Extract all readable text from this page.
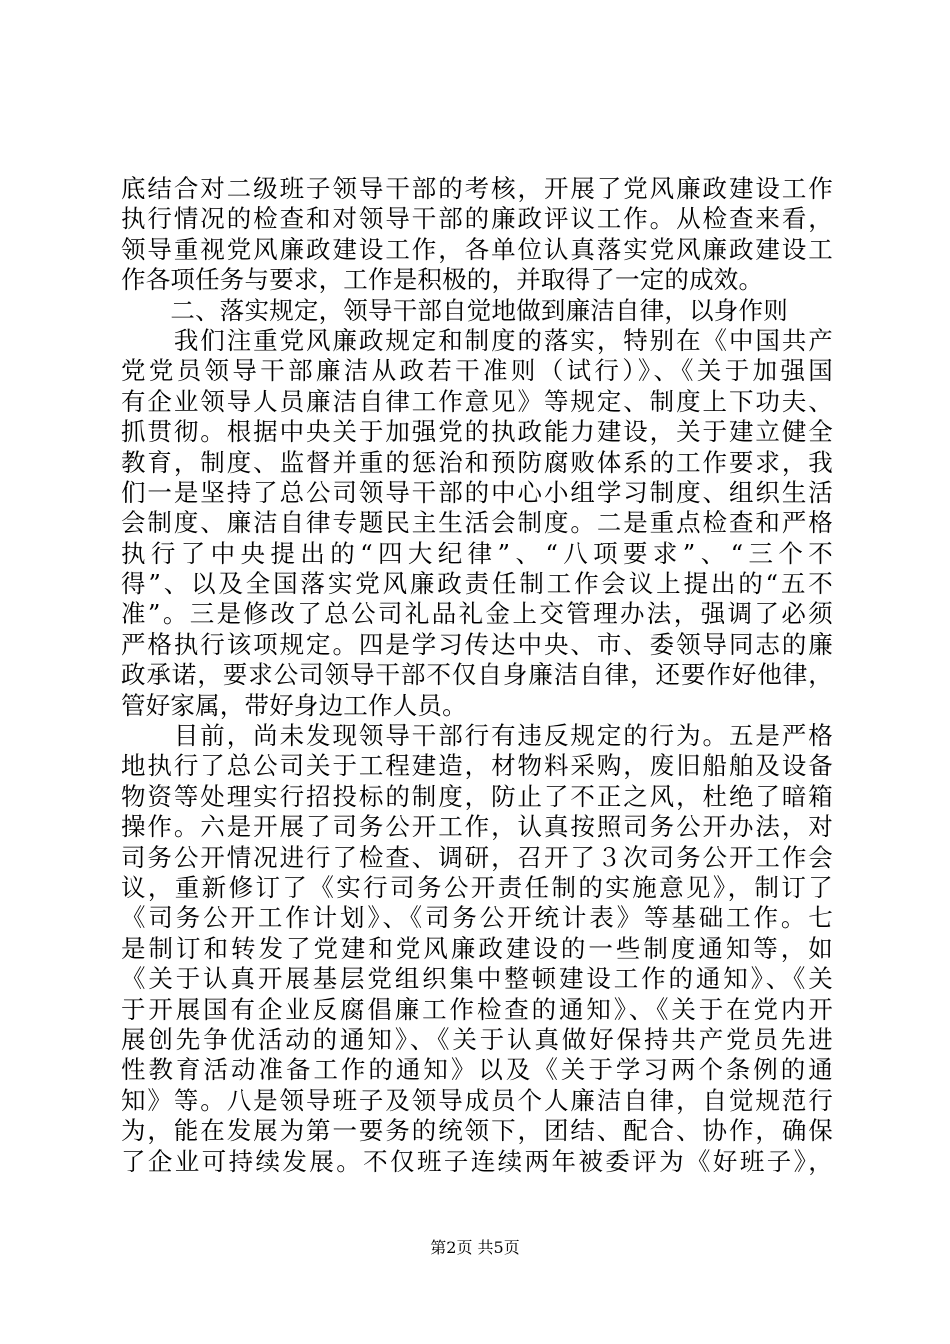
底结合对二级班子领导干部的考核，开展了党风廉政建设工作
执行情况的检查和对领导干部的廉政评议工作。从检查来看，
领导重视党风廉政建设工作，各单位认真落实党风廉政建设工
作各项任务与要求，工作是积极的，并取得了一定的成效。
　　二、落实规定，领导干部自觉地做到廉洁自律，以身作则
　　我们注重党风廉政规定和制度的落实，特别在《中国共产
党党员领导干部廉洁从政若干准则（试行）》、《关于加强国
有企业领导人员廉洁自律工作意见》等规定、制度上下功夫、
抓贯彻。根据中央关于加强党的执政能力建设，关于建立健全
教育，制度、监督并重的惩治和预防腐败体系的工作要求，我
们一是坚持了总公司领导干部的中心小组学习制度、组织生活
会制度、廉洁自律专题民主生活会制度。二是重点检查和严格
执行了中央提出的“四大纪律”、“八项要求”、“三个不
得”、以及全国落实党风廉政责任制工作会议上提出的“五不
准”。三是修改了总公司礼品礼金上交管理办法，强调了必须
严格执行该项规定。四是学习传达中央、市、委领导同志的廉
政承诺，要求公司领导干部不仅自身廉洁自律，还要作好他律，
管好家属，带好身边工作人员。
　　目前，尚未发现领导干部行有违反规定的行为。五是严格
地执行了总公司关于工程建造，材物料采购，废旧船舶及设备
物资等处理实行招投标的制度，防止了不正之风，杜绝了暗箱
操作。六是开展了司务公开工作，认真按照司务公开办法，对
司务公开情况进行了检查、调研，召开了３次司务公开工作会
议，重新修订了《实行司务公开责任制的实施意见》，制订了
《司务公开工作计划》、《司务公开统计表》等基础工作。七
是制订和转发了党建和党风廉政建设的一些制度通知等，如
《关于认真开展基层党组织集中整顿建设工作的通知》、《关
于开展国有企业反腐倡廉工作检查的通知》、《关于在党内开
展创先争优活动的通知》、《关于认真做好保持共产党员先进
性教育活动准备工作的通知》以及《关于学习两个条例的通
知》等。八是领导班子及领导成员个人廉洁自律，自觉规范行
为，能在发展为第一要务的统领下，团结、配合、协作，确保
了企业可持续发展。不仅班子连续两年被委评为《好班子》，
第2页 共5页
